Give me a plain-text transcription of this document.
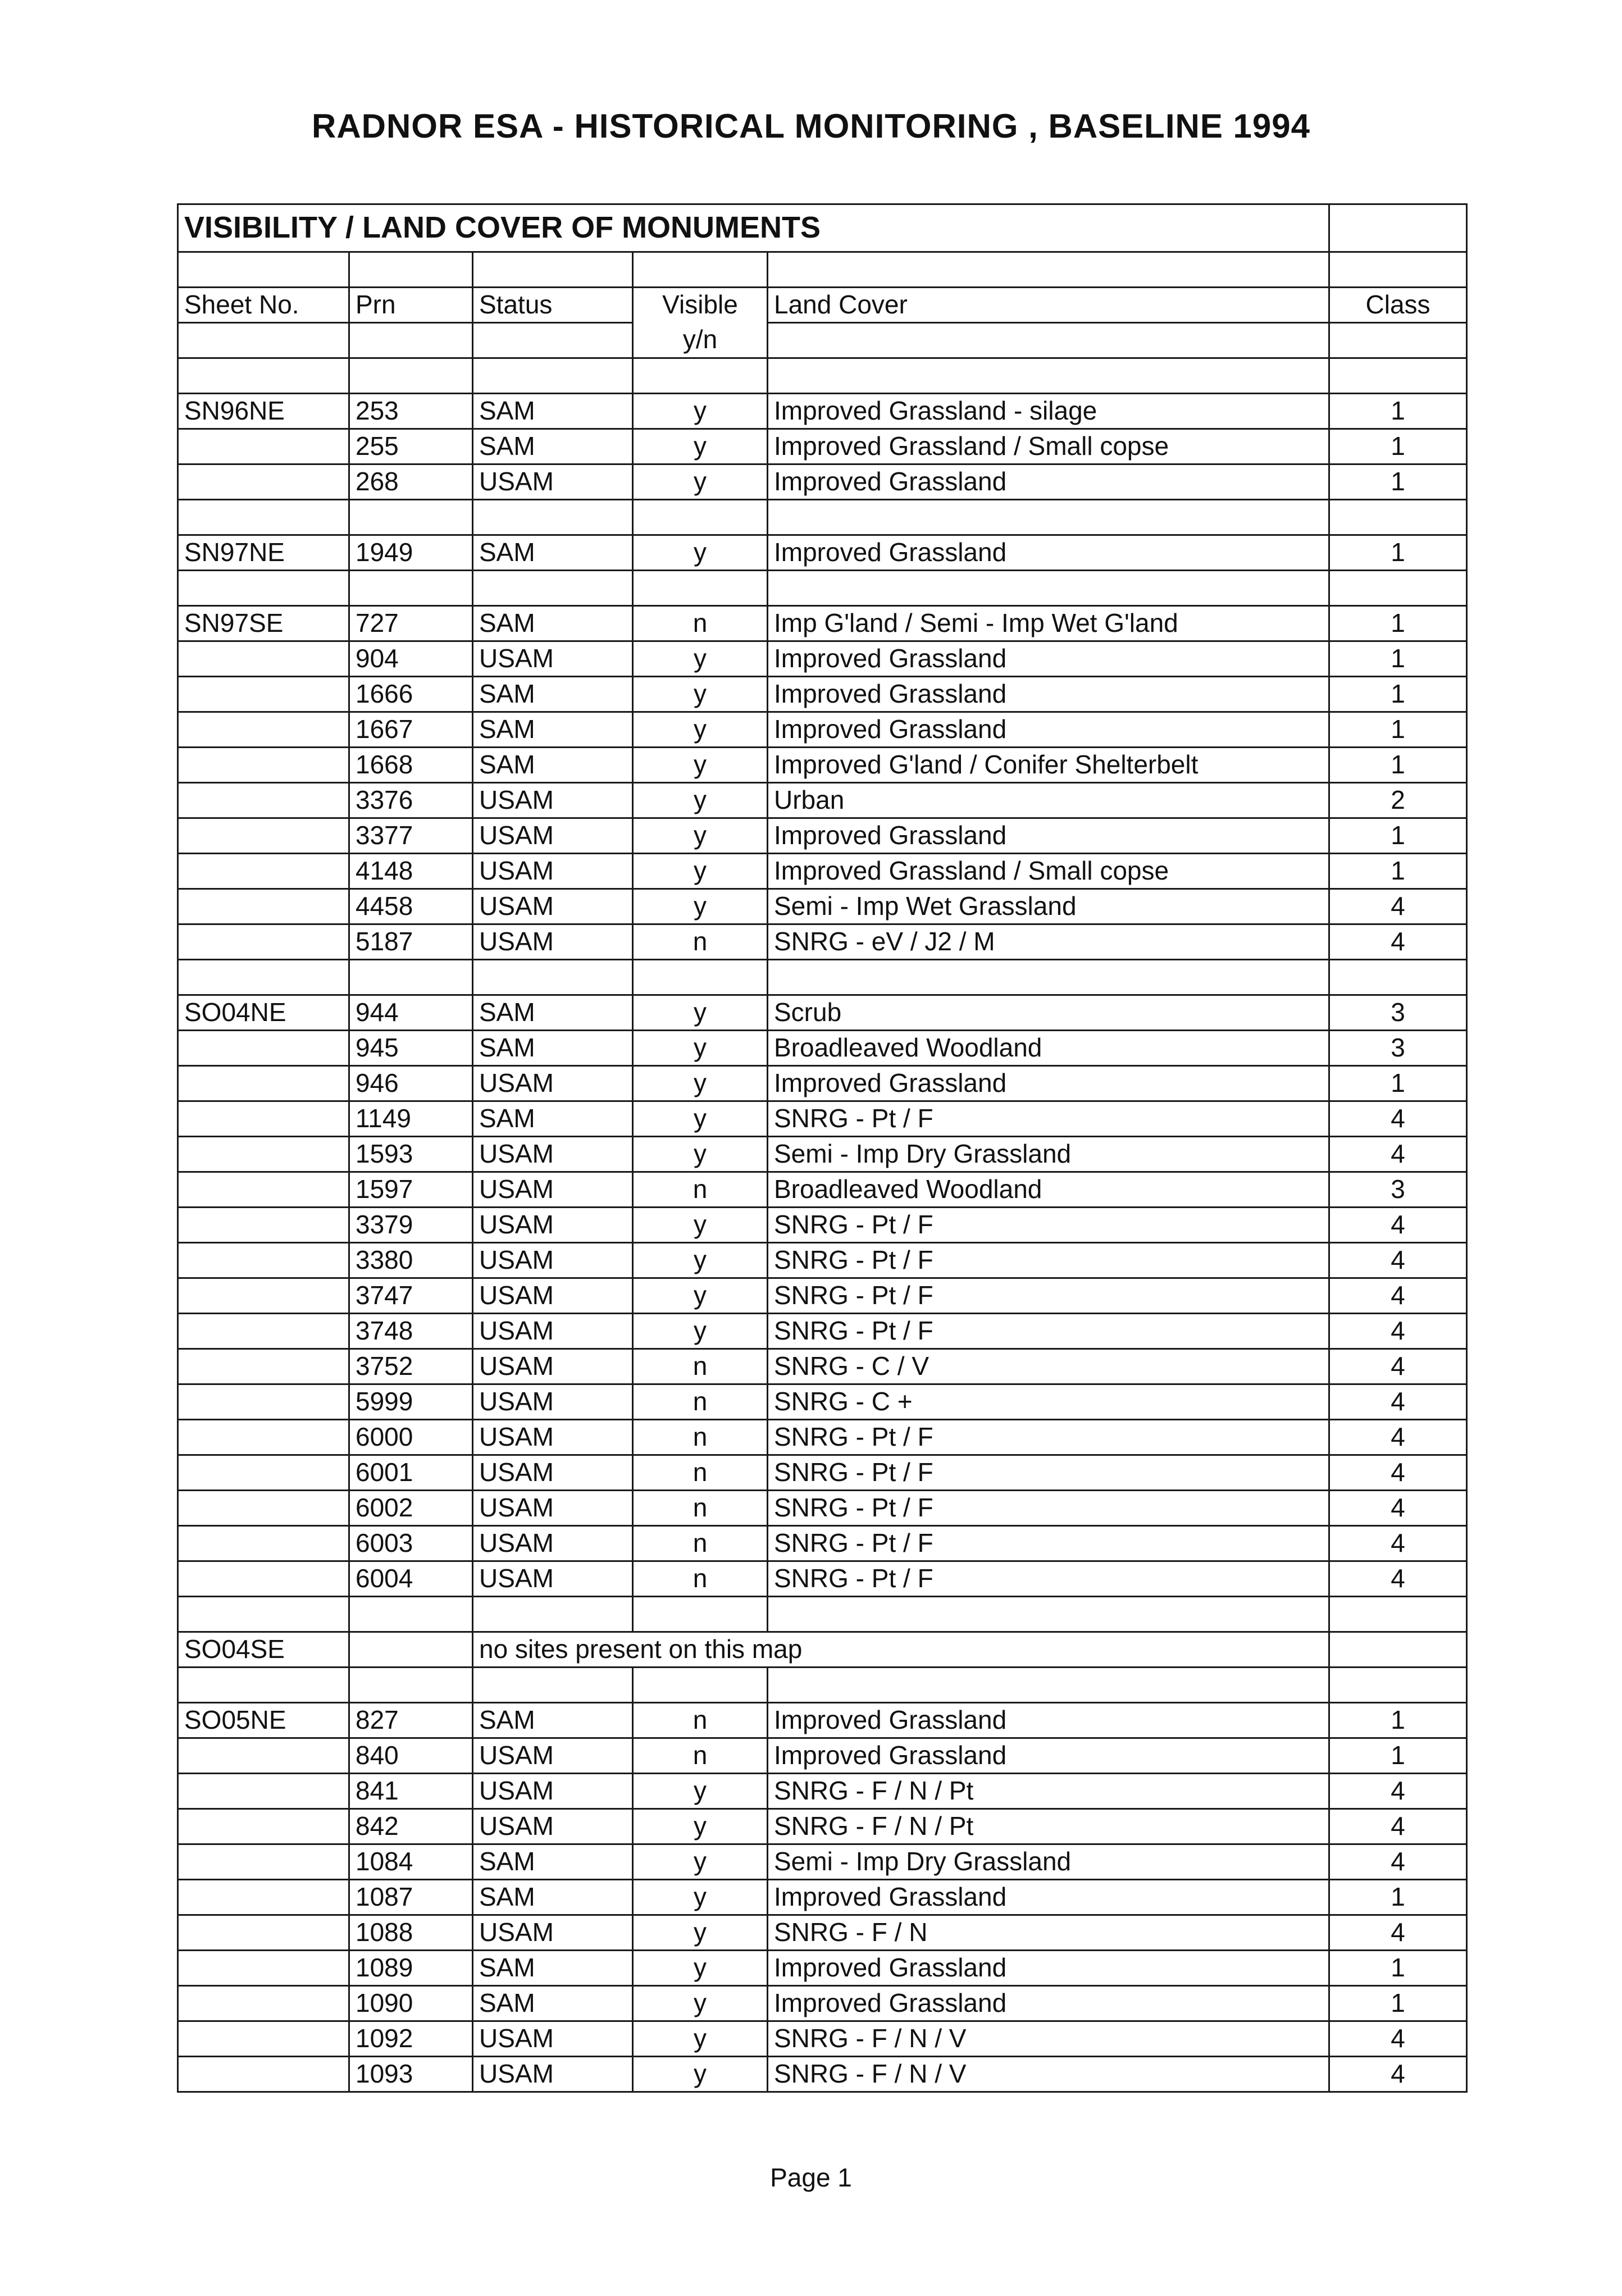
RADNOR ESA - HISTORICAL MONITORING , BASELINE 1994
VISIBILITY / LAND COVER OF MONUMENTS					

Sheet No.	Prn	Status	Visible	Land Cover	Class
			y/n		

SN96NE	253	SAM	y	Improved Grassland - silage	1
	255	SAM	y	Improved Grassland / Small copse	1
	268	USAM	y	Improved Grassland	1

SN97NE	1949	SAM	y	Improved Grassland	1

SN97SE	727	SAM	n	Imp G'land / Semi - Imp Wet G'land	1
	904	USAM	y	Improved Grassland	1
	1666	SAM	y	Improved Grassland	1
	1667	SAM	y	Improved Grassland	1
	1668	SAM	y	Improved G'land / Conifer Shelterbelt	1
	3376	USAM	y	Urban	2
	3377	USAM	y	Improved Grassland	1
	4148	USAM	y	Improved Grassland / Small copse	1
	4458	USAM	y	Semi - Imp Wet Grassland	4
	5187	USAM	n	SNRG - eV / J2 / M	4

SO04NE	944	SAM	y	Scrub	3
	945	SAM	y	Broadleaved Woodland	3
	946	USAM	y	Improved Grassland	1
	1149	SAM	y	SNRG - Pt / F	4
	1593	USAM	y	Semi - Imp Dry Grassland	4
	1597	USAM	n	Broadleaved Woodland	3
	3379	USAM	y	SNRG - Pt / F	4
	3380	USAM	y	SNRG - Pt / F	4
	3747	USAM	y	SNRG - Pt / F	4
	3748	USAM	y	SNRG - Pt / F	4
	3752	USAM	n	SNRG - C / V	4
	5999	USAM	n	SNRG - C +	4
	6000	USAM	n	SNRG - Pt / F	4
	6001	USAM	n	SNRG - Pt / F	4
	6002	USAM	n	SNRG - Pt / F	4
	6003	USAM	n	SNRG - Pt / F	4
	6004	USAM	n	SNRG - Pt / F	4

SO04SE		no sites present on this map			

SO05NE	827	SAM	n	Improved Grassland	1
	840	USAM	n	Improved Grassland	1
	841	USAM	y	SNRG - F / N / Pt	4
	842	USAM	y	SNRG - F / N / Pt	4
	1084	SAM	y	Semi - Imp Dry Grassland	4
	1087	SAM	y	Improved Grassland	1
	1088	USAM	y	SNRG - F / N	4
	1089	SAM	y	Improved Grassland	1
	1090	SAM	y	Improved Grassland	1
	1092	USAM	y	SNRG - F / N / V	4
	1093	USAM	y	SNRG - F / N / V	4
Page 1
